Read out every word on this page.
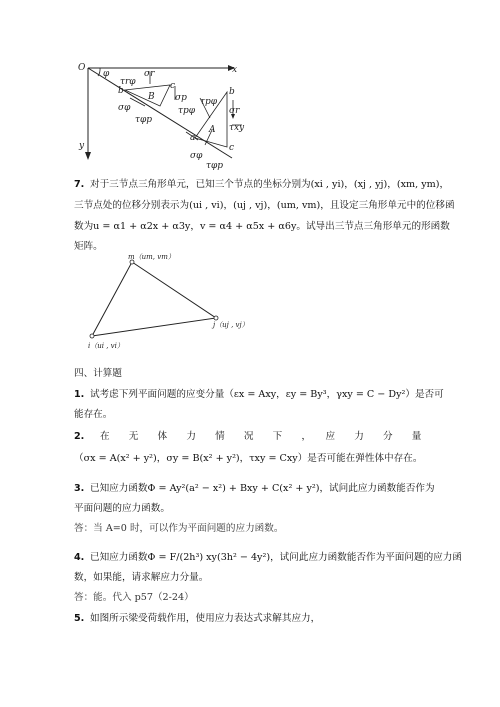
O	x
y
φ	σr
τrφ
σp
σφ
τφp
τpφ
τpφ
σr
τxy
σφ
τφp
B
A
b	c
b
a
c
7. 对于三节点三角形单元，已知三个节点的坐标分别为(xi , yi)，(xj , yj)，(xm, ym)，
三节点处的位移分别表示为(ui , vi)，(uj , vj)，(um, vm)，且设定三角形单元中的位移函
数为u = α1 + α2x + α3y，v = α4 + α5x + α6y。试导出三节点三角形单元的形函数
矩阵。
m（um, vm）
j（uj , vj）
i（ui , vi）
四、计算题
1. 试考虑下列平面问题的应变分量（εx = Axy，εy = By³，γxy = C − Dy²）是否可
能存在。
2. 在　　无　　体　　力　　情　　况　　下　　，　　应　　力　　分　　量
（σx = A(x² + y²)，σy = B(x² + y²)，τxy = Cxy）是否可能在弹性体中存在。
3. 已知应力函数Φ = Ay²(a² − x²) + Bxy + C(x² + y²)，试问此应力函数能否作为
平面问题的应力函数。
答：当 A=0 时，可以作为平面问题的应力函数。
4. 已知应力函数Φ = F/(2h³) xy(3h² − 4y²)，试问此应力函数能否作为平面问题的应力函
数，如果能，请求解应力分量。
答：能。代入 p57（2-24）
5. 如图所示梁受荷载作用，使用应力表达式求解其应力，
